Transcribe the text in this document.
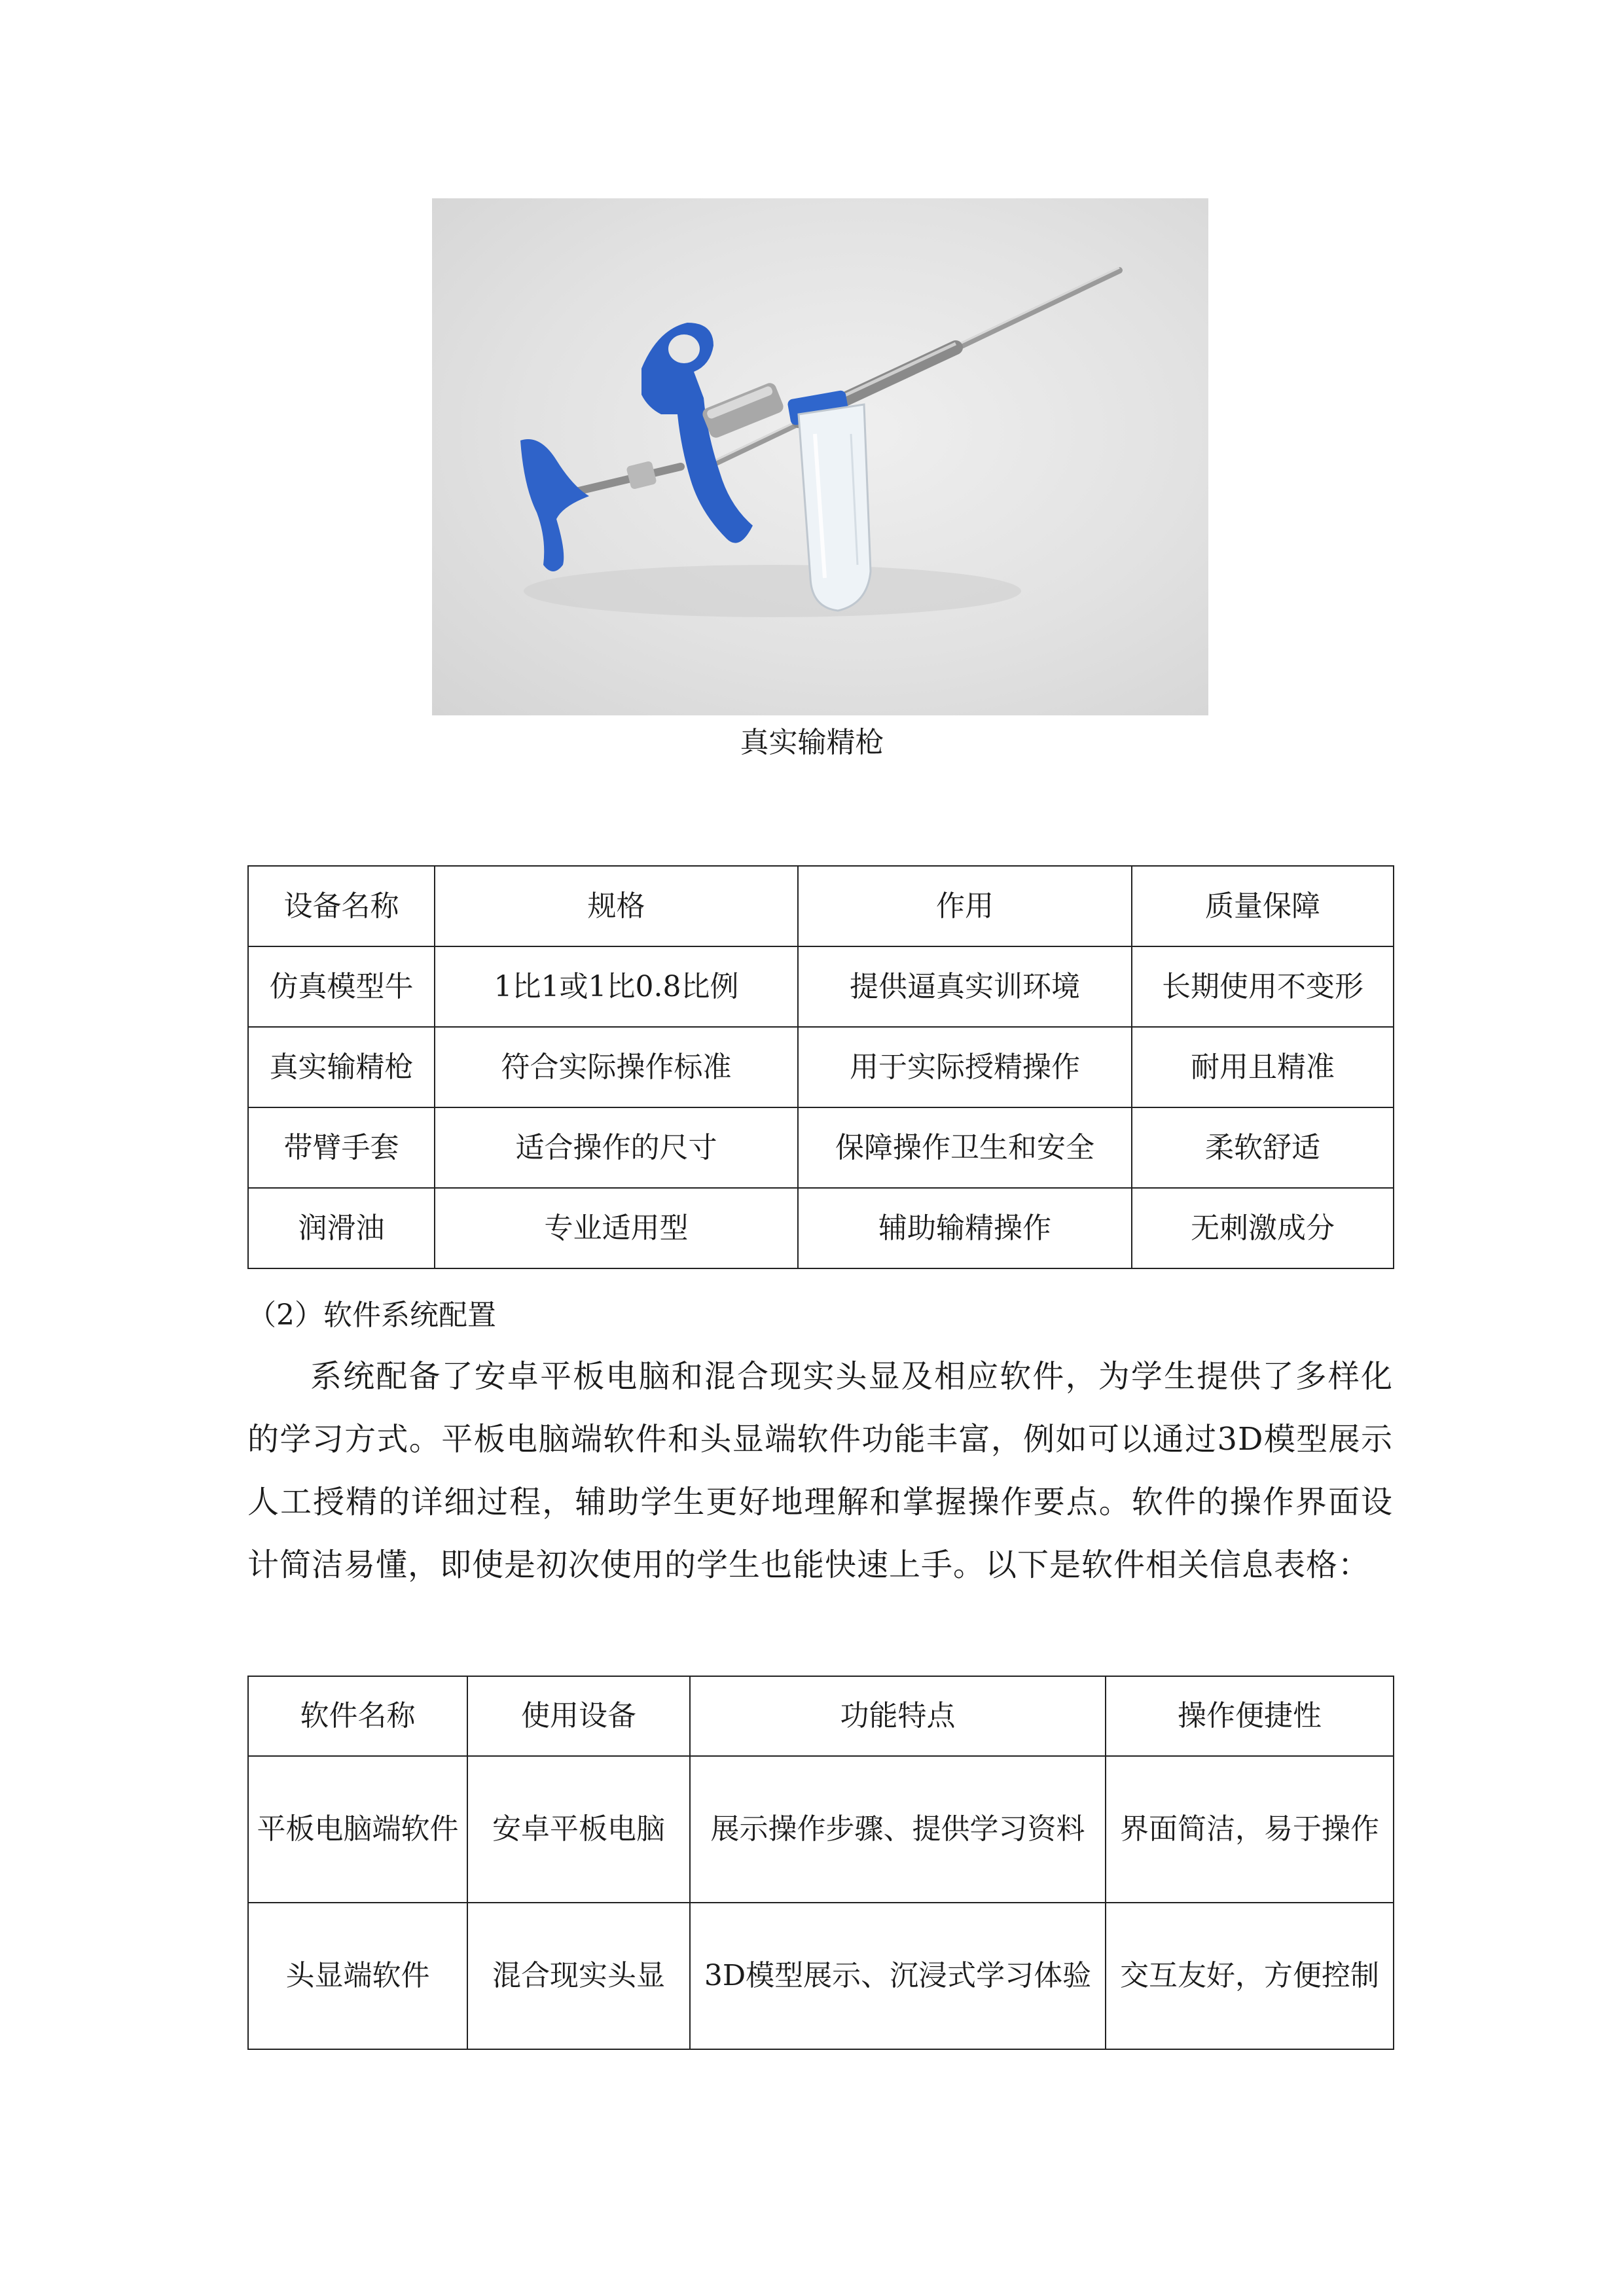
真实输精枪
设备名称	规格	作用	质量保障
仿真模型牛	1比1或1比0.8比例	提供逼真实训环境	长期使用不变形
真实输精枪	符合实际操作标准	用于实际授精操作	耐用且精准
带臂手套	适合操作的尺寸	保障操作卫生和安全	柔软舒适
润滑油	专业适用型	辅助输精操作	无刺激成分

（2）软件系统配置

系统配备了安卓平板电脑和混合现实头显及相应软件，为学生提供了多样化的学习方式。平板电脑端软件和头显端软件功能丰富，例如可以通过3D模型展示人工授精的详细过程，辅助学生更好地理解和掌握操作要点。软件的操作界面设计简洁易懂，即使是初次使用的学生也能快速上手。以下是软件相关信息表格：

软件名称	使用设备	功能特点	操作便捷性
平板电脑端软件	安卓平板电脑	展示操作步骤、提供学习资料	界面简洁，易于操作
头显端软件	混合现实头显	3D模型展示、沉浸式学习体验	交互友好，方便控制
